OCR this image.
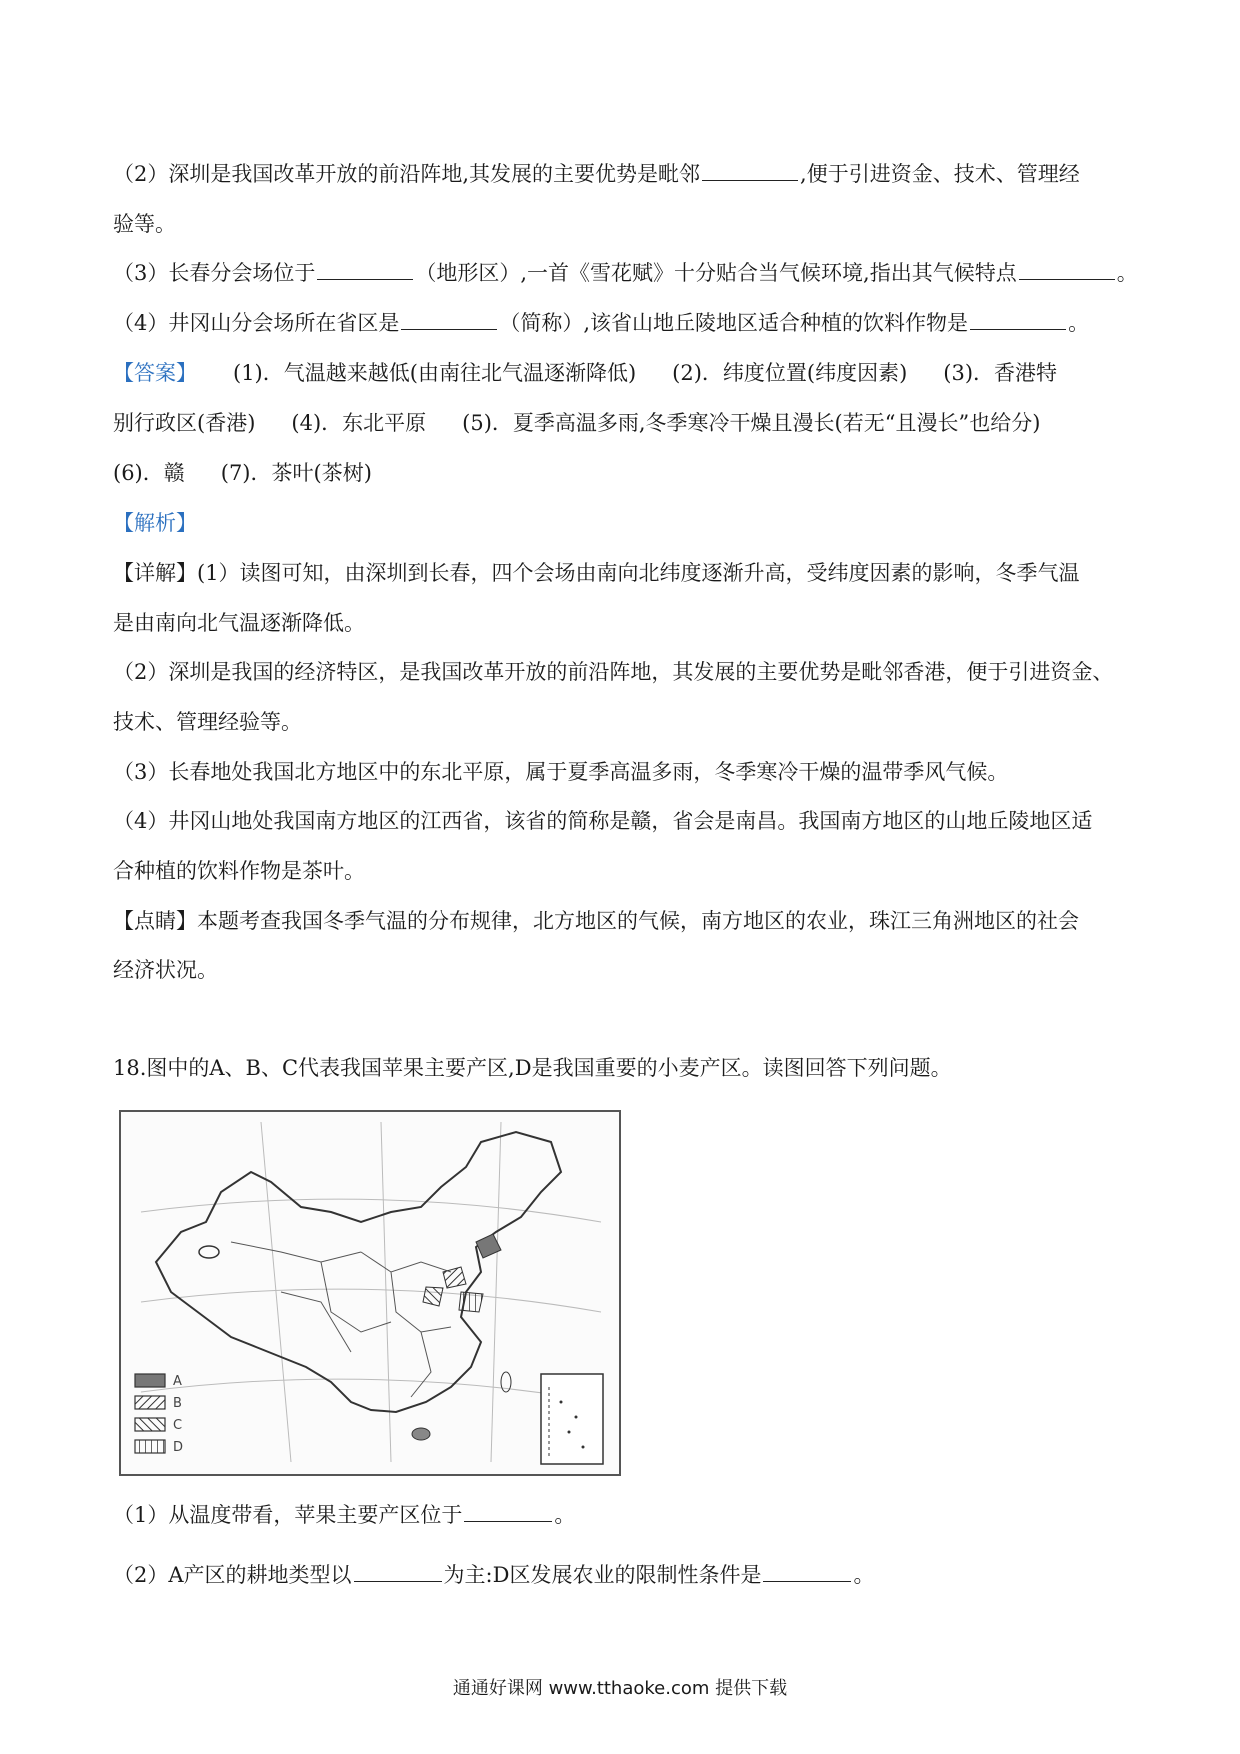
（2）深圳是我国改革开放的前沿阵地,其发展的主要优势是毗邻	,便于引进资金、技术、管理经
验等。
（3）长春分会场位于	（地形区）,一首《雪花赋》十分贴合当气候环境,指出其气候特点	。
（4）井冈山分会场所在省区是	（简称）,该省山地丘陵地区适合种植的饮料作物是	。
【答案】 (1)．气温越来越低(由南往北气温逐渐降低) (2)．纬度位置(纬度因素) (3)．香港特
别行政区(香港) (4)．东北平原 (5)．夏季高温多雨,冬季寒冷干燥且漫长(若无“且漫长”也给分)
(6)．赣 (7)．茶叶(茶树)
【解析】
【详解】(1）读图可知，由深圳到长春，四个会场由南向北纬度逐渐升高，受纬度因素的影响，冬季气温
是由南向北气温逐渐降低。
（2）深圳是我国的经济特区，是我国改革开放的前沿阵地，其发展的主要优势是毗邻香港，便于引进资金、
技术、管理经验等。
（3）长春地处我国北方地区中的东北平原，属于夏季高温多雨，冬季寒冷干燥的温带季风气候。
（4）井冈山地处我国南方地区的江西省，该省的简称是赣，省会是南昌。我国南方地区的山地丘陵地区适
合种植的饮料作物是茶叶。
【点睛】本题考查我国冬季气温的分布规律，北方地区的气候，南方地区的农业，珠江三角洲地区的社会
经济状况。
18.图中的A、B、C代表我国苹果主要产区,D是我国重要的小麦产区。读图回答下列问题。
A
B
C
D
（1）从温度带看，苹果主要产区位于	。
（2）A产区的耕地类型以	为主:D区发展农业的限制性条件是	。
通通好课网 www.tthaoke.com 提供下载
